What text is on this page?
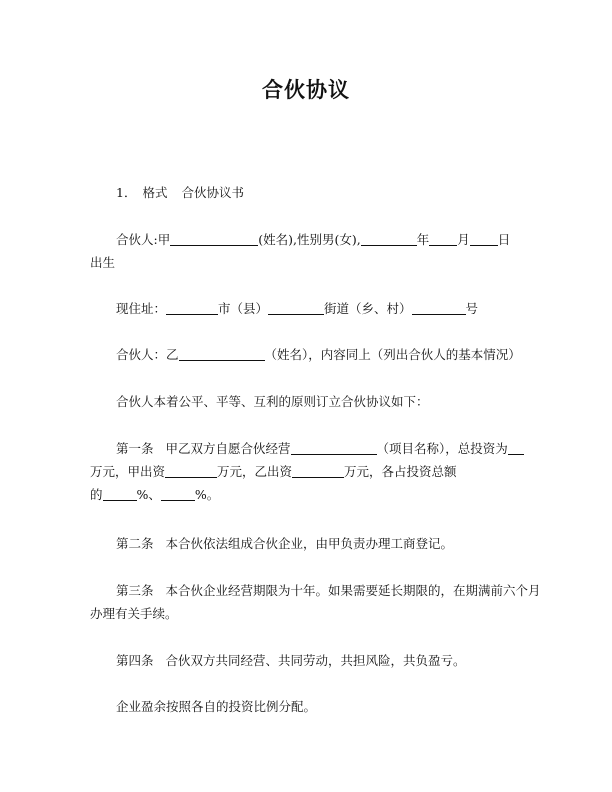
合伙协议
1． 格式 合伙协议书
合伙人:甲	(姓名),性别男(女),	年 月 日
出生
现住址：	市（县）	街道（乡、村）	号
合伙人：乙	（姓名），内容同上（列出合伙人的基本情况）
合伙人本着公平、平等、互利的原则订立合伙协议如下：
第一条 甲乙双方自愿合伙经营	（项目名称），总投资为
万元，甲出资	万元，乙出资	万元，各占投资总额
的	%、	%。
第二条 本合伙依法组成合伙企业，由甲负责办理工商登记。
第三条 本合伙企业经营期限为十年。如果需要延长期限的，在期满前六个月
办理有关手续。
第四条 合伙双方共同经营、共同劳动，共担风险，共负盈亏。
企业盈余按照各自的投资比例分配。
